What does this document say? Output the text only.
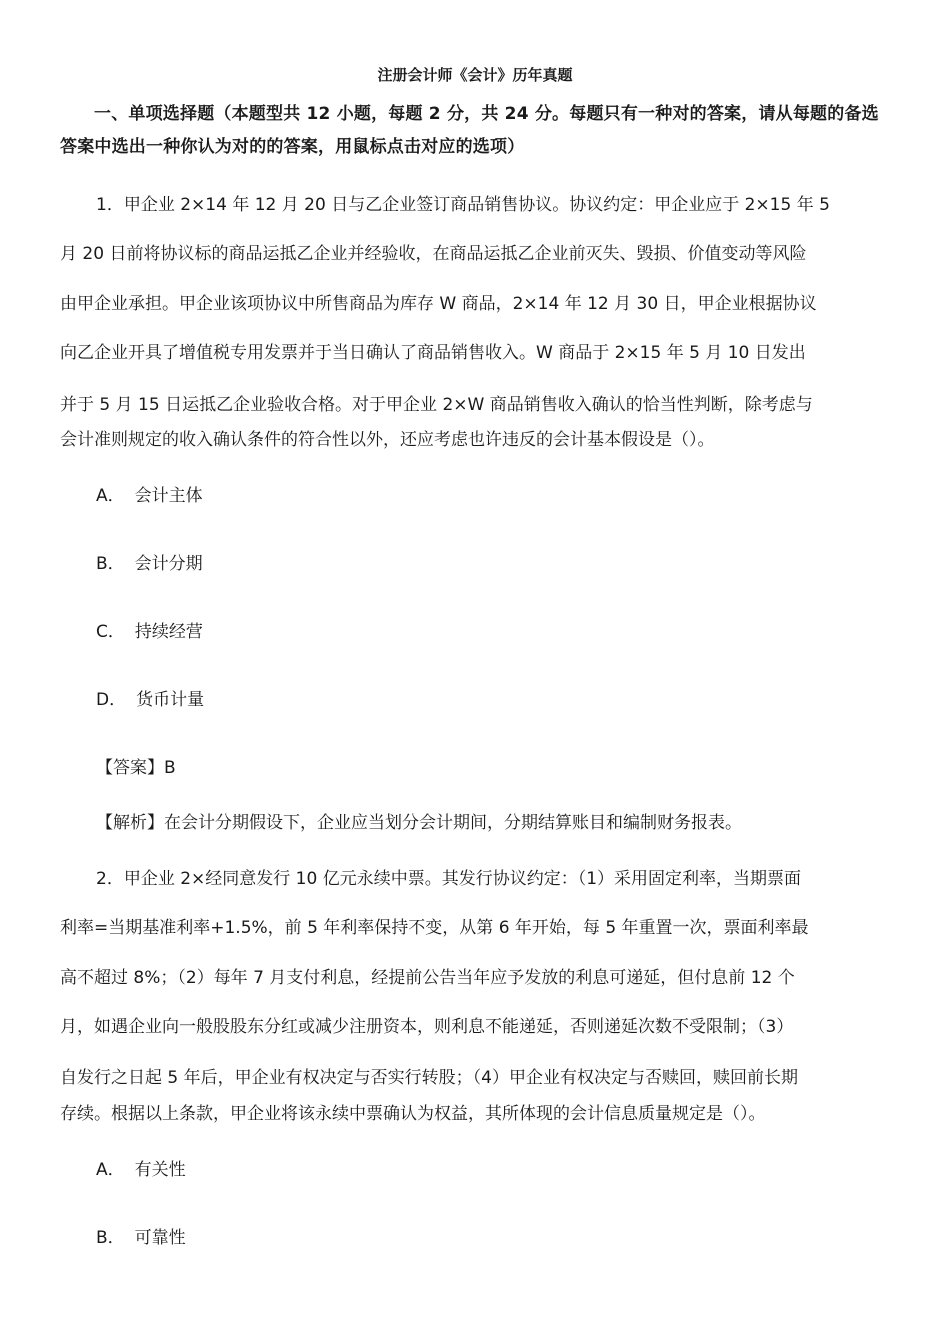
注册会计师《会计》历年真题
一、单项选择题（本题型共 12 小题，每题 2 分，共 24 分。每题只有一种对的答案，请从每题的备选答案中选出一种你认为对的的答案，用鼠标点击对应的选项）
1．甲企业 2×14 年 12 月 20 日与乙企业签订商品销售协议。协议约定：甲企业应于 2×15 年 5
月 20 日前将协议标的商品运抵乙企业并经验收，在商品运抵乙企业前灭失、毁损、价值变动等风险
由甲企业承担。甲企业该项协议中所售商品为库存 W 商品，2×14 年 12 月 30 日，甲企业根据协议
向乙企业开具了增值税专用发票并于当日确认了商品销售收入。W 商品于 2×15 年 5 月 10 日发出
并于 5 月 15 日运抵乙企业验收合格。对于甲企业 2×W 商品销售收入确认的恰当性判断，除考虑与
会计准则规定的收入确认条件的符合性以外，还应考虑也许违反的会计基本假设是（）。
A． 会计主体
B． 会计分期
C． 持续经营
D． 货币计量
【答案】B
【解析】在会计分期假设下，企业应当划分会计期间，分期结算账目和编制财务报表。
2．甲企业 2×经同意发行 10 亿元永续中票。其发行协议约定：（1）采用固定利率，当期票面
利率=当期基准利率+1.5%，前 5 年利率保持不变，从第 6 年开始，每 5 年重置一次，票面利率最
高不超过 8%；（2）每年 7 月支付利息，经提前公告当年应予发放的利息可递延，但付息前 12 个
月，如遇企业向一般股股东分红或减少注册资本，则利息不能递延，否则递延次数不受限制；（3）
自发行之日起 5 年后，甲企业有权决定与否实行转股；（4）甲企业有权决定与否赎回，赎回前长期
存续。根据以上条款，甲企业将该永续中票确认为权益，其所体现的会计信息质量规定是（）。
A． 有关性
B． 可靠性
